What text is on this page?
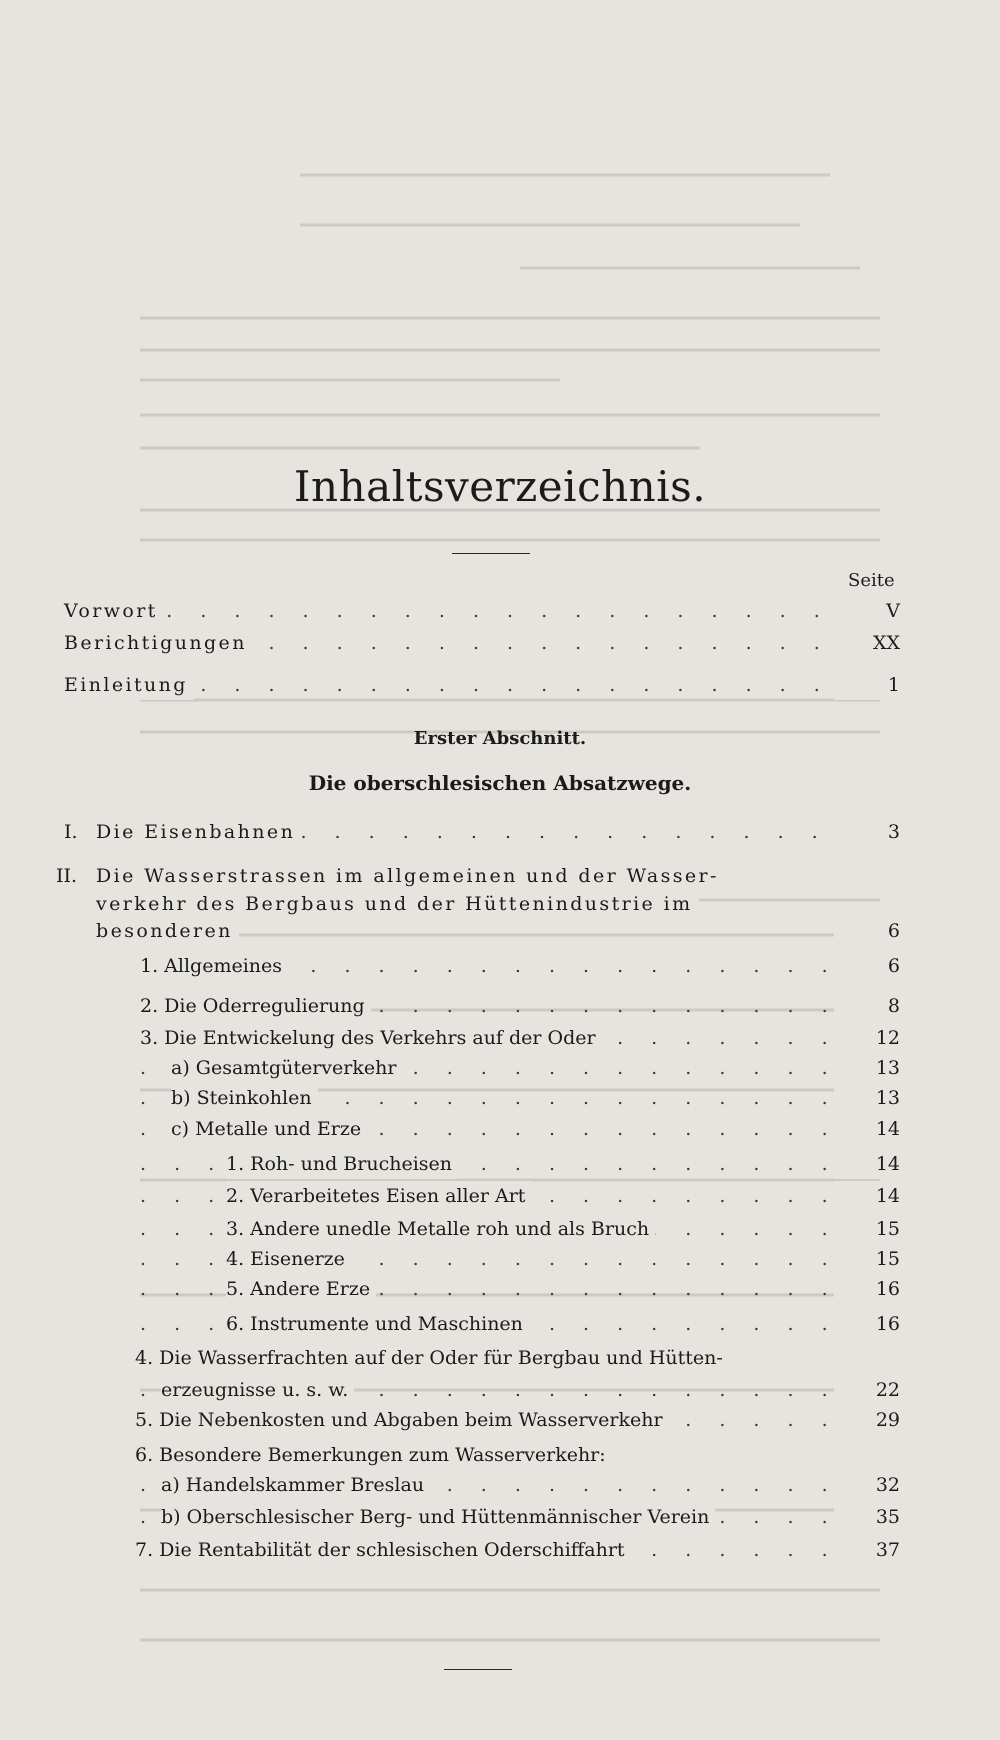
Inhaltsverzeichnis.
Seite
Vorwort . . .	V
Berichtigungen . . .	XX
Einleitung . . .	1
Erster Abschnitt.
Die oberschlesischen Absatzwege.
I. Die Eisenbahnen . . .	3
II. Die Wasserstrassen im allgemeinen und der Wasser-
verkehr des Bergbaus und der Hüttenindustrie im
besonderen	6
1. Allgemeines . . .	6
2. Die Oderregulierung . . .	8
3. Die Entwickelung des Verkehrs auf der Oder . . .	12
a) Gesamtgüterverkehr . . .	13
b) Steinkohlen . . .	13
c) Metalle und Erze . . .	14
1. Roh- und Brucheisen . . .	14
2. Verarbeitetes Eisen aller Art . . .	14
3. Andere unedle Metalle roh und als Bruch . . .	15
4. Eisenerze . . .	15
5. Andere Erze . . .	16
6. Instrumente und Maschinen . . .	16
4. Die Wasserfrachten auf der Oder für Bergbau und Hütten-
erzeugnisse u. s. w. . . .	22
5. Die Nebenkosten und Abgaben beim Wasserverkehr . . .	29
6. Besondere Bemerkungen zum Wasserverkehr:
a) Handelskammer Breslau . . .	32
b) Oberschlesischer Berg- und Hüttenmännischer Verein . . .	35
7. Die Rentabilität der schlesischen Oderschiffahrt . . .	37
